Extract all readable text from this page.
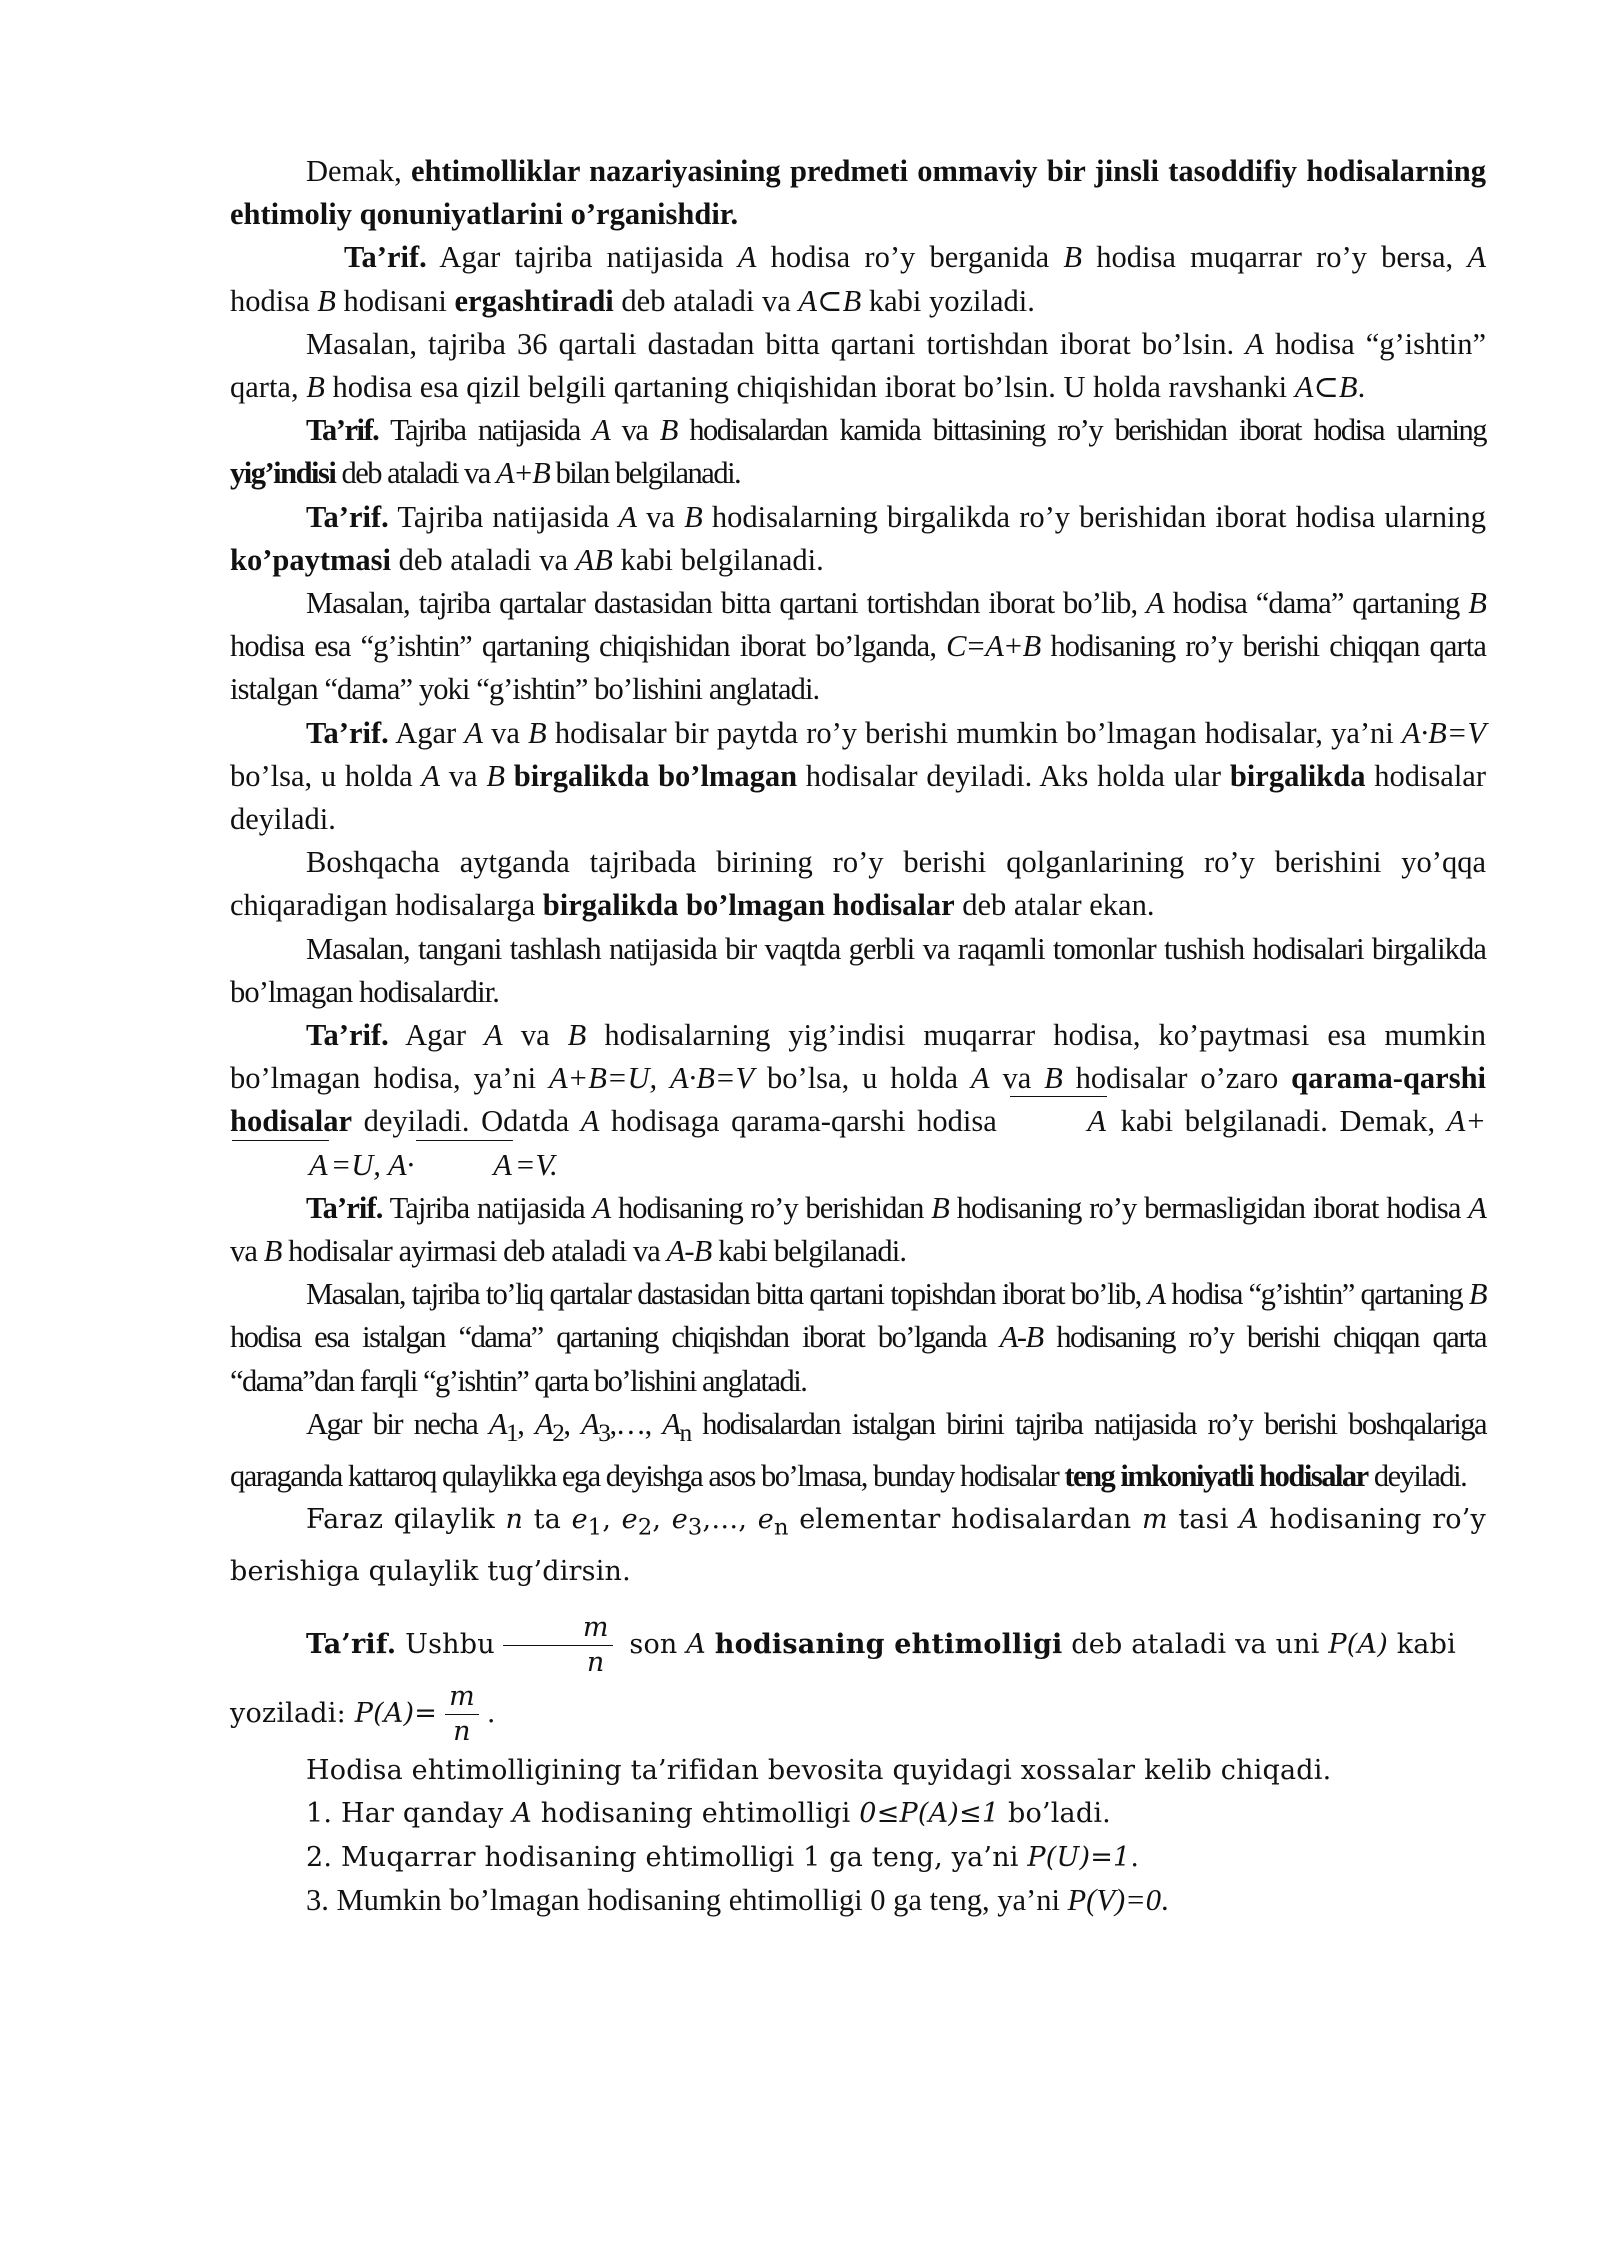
Demak, ehtimolliklar nazariyasining predmeti ommaviy bir jinsli tasoddifiy hodisalarning ehtimoliy qonuniyatlarini o’rganishdir.

Ta’rif. Agar tajriba natijasida A hodisa ro’y berganida B hodisa muqarrar ro’y bersa, A hodisa B hodisani ergashtiradi deb ataladi va A⊂B kabi yoziladi.

Masalan, tajriba 36 qartali dastadan bitta qartani tortishdan iborat bo’lsin. A hodisa “g’ishtin” qarta, B hodisa esa qizil belgili qartaning chiqishidan iborat bo’lsin. U holda ravshanki A⊂B.

Ta’rif. Tajriba natijasida A va B hodisalardan kamida bittasining ro’y berishidan iborat hodisa ularning yig’indisi deb ataladi va A+B bilan belgilanadi.

Ta’rif. Tajriba natijasida A va B hodisalarning birgalikda ro’y berishidan iborat hodisa ularning ko’paytmasi deb ataladi va AB kabi belgilanadi.

Masalan, tajriba qartalar dastasidan bitta qartani tortishdan iborat bo’lib, A hodisa “dama” qartaning B hodisa esa “g’ishtin” qartaning chiqishidan iborat bo’lganda, C=A+B hodisaning ro’y berishi chiqqan qarta istalgan “dama” yoki “g’ishtin” bo’lishini anglatadi.

Ta’rif. Agar A va B hodisalar bir paytda ro’y berishi mumkin bo’lmagan hodisalar, ya’ni A·B=V bo’lsa, u holda A va B birgalikda bo’lmagan hodisalar deyiladi. Aks holda ular birgalikda hodisalar deyiladi.

Boshqacha aytganda tajribada birining ro’y berishi qolganlarining ro’y berishini yo’qqa chiqaradigan hodisalarga birgalikda bo’lmagan hodisalar deb atalar ekan.

Masalan, tangani tashlash natijasida bir vaqtda gerbli va raqamli tomonlar tushish hodisalari birgalikda bo’lmagan hodisalardir.

Ta’rif. Agar A va B hodisalarning yig’indisi muqarrar hodisa, ko’paytmasi esa mumkin bo’lmagan hodisa, ya’ni A+B=U, A·B=V bo’lsa, u holda A va B hodisalar o’zaro qarama-qarshi hodisalar deyiladi. Odatda A hodisaga qarama-qarshi hodisa	A kabi belgilanadi. Demak, A+A=U, A·	A=V.

Ta’rif. Tajriba natijasida A hodisaning ro’y berishidan B hodisaning ro’y bermasligidan iborat hodisa A va B hodisalar ayirmasi deb ataladi va A-B kabi belgilanadi.

Masalan, tajriba to’liq qartalar dastasidan bitta qartani topishdan iborat bo’lib, A hodisa “g’ishtin” qartaning B hodisa esa istalgan “dama” qartaning chiqishdan iborat bo’lganda A-B hodisaning ro’y berishi chiqqan qarta “dama”dan farqli “g’ishtin” qarta bo’lishini anglatadi.

Agar bir necha $A_1$, $A_2$, $A_3,\dots$, $A_n$ hodisalardan istalgan birini tajriba natijasida ro’y berishi boshqalariga qaraganda kattaroq qulaylikka ega deyishga asos bo’lmasa, bunday hodisalar teng imkoniyatli hodisalar deyiladi.

Faraz qilaylik n ta $e_1$, $e_2$, $e_3,\dots$, $e_n$ elementar hodisalardan m tasi A hodisaning ro’y berishiga qulaylik tug’dirsin.

Ta’rif. Ushbu $\frac{m}{n}$ son A hodisaning ehtimolligi deb ataladi va uni P(A) kabi

yoziladi: $P(A)= \frac{m}{n}$ .

Hodisa ehtimolligining ta’rifidan bevosita quyidagi xossalar kelib chiqadi.

1. Har qanday A hodisaning ehtimolligi 0≤P(A)≤1 bo’ladi.

2. Muqarrar hodisaning ehtimolligi 1 ga teng, ya’ni P(U)=1.

3. Mumkin bo’lmagan hodisaning ehtimolligi 0 ga teng, ya’ni P(V)=0.
